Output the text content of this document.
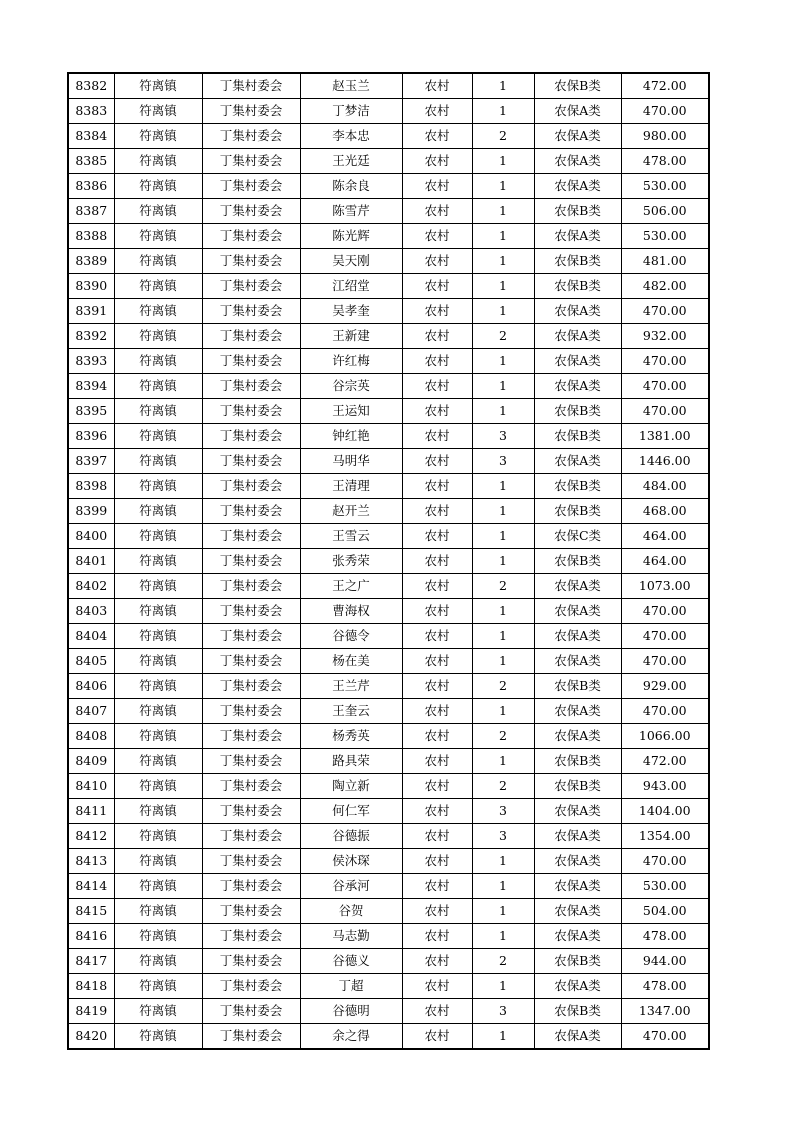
8382	符离镇	丁集村委会	赵玉兰	农村	1	农保B类	472.00
8383	符离镇	丁集村委会	丁梦洁	农村	1	农保A类	470.00
8384	符离镇	丁集村委会	李本忠	农村	2	农保A类	980.00
8385	符离镇	丁集村委会	王光廷	农村	1	农保A类	478.00
8386	符离镇	丁集村委会	陈余良	农村	1	农保A类	530.00
8387	符离镇	丁集村委会	陈雪芹	农村	1	农保B类	506.00
8388	符离镇	丁集村委会	陈光辉	农村	1	农保A类	530.00
8389	符离镇	丁集村委会	吴天刚	农村	1	农保B类	481.00
8390	符离镇	丁集村委会	江绍堂	农村	1	农保B类	482.00
8391	符离镇	丁集村委会	吴孝奎	农村	1	农保A类	470.00
8392	符离镇	丁集村委会	王新建	农村	2	农保A类	932.00
8393	符离镇	丁集村委会	许红梅	农村	1	农保A类	470.00
8394	符离镇	丁集村委会	谷宗英	农村	1	农保A类	470.00
8395	符离镇	丁集村委会	王运知	农村	1	农保B类	470.00
8396	符离镇	丁集村委会	钟红艳	农村	3	农保B类	1381.00
8397	符离镇	丁集村委会	马明华	农村	3	农保A类	1446.00
8398	符离镇	丁集村委会	王清理	农村	1	农保B类	484.00
8399	符离镇	丁集村委会	赵开兰	农村	1	农保B类	468.00
8400	符离镇	丁集村委会	王雪云	农村	1	农保C类	464.00
8401	符离镇	丁集村委会	张秀荣	农村	1	农保B类	464.00
8402	符离镇	丁集村委会	王之广	农村	2	农保A类	1073.00
8403	符离镇	丁集村委会	曹海权	农村	1	农保A类	470.00
8404	符离镇	丁集村委会	谷德令	农村	1	农保A类	470.00
8405	符离镇	丁集村委会	杨在美	农村	1	农保A类	470.00
8406	符离镇	丁集村委会	王兰芹	农村	2	农保B类	929.00
8407	符离镇	丁集村委会	王奎云	农村	1	农保A类	470.00
8408	符离镇	丁集村委会	杨秀英	农村	2	农保A类	1066.00
8409	符离镇	丁集村委会	路具荣	农村	1	农保B类	472.00
8410	符离镇	丁集村委会	陶立新	农村	2	农保B类	943.00
8411	符离镇	丁集村委会	何仁军	农村	3	农保A类	1404.00
8412	符离镇	丁集村委会	谷德振	农村	3	农保A类	1354.00
8413	符离镇	丁集村委会	侯沐琛	农村	1	农保A类	470.00
8414	符离镇	丁集村委会	谷承河	农村	1	农保A类	530.00
8415	符离镇	丁集村委会	谷贺	农村	1	农保A类	504.00
8416	符离镇	丁集村委会	马志勤	农村	1	农保A类	478.00
8417	符离镇	丁集村委会	谷德义	农村	2	农保B类	944.00
8418	符离镇	丁集村委会	丁超	农村	1	农保A类	478.00
8419	符离镇	丁集村委会	谷德明	农村	3	农保B类	1347.00
8420	符离镇	丁集村委会	余之得	农村	1	农保A类	470.00
